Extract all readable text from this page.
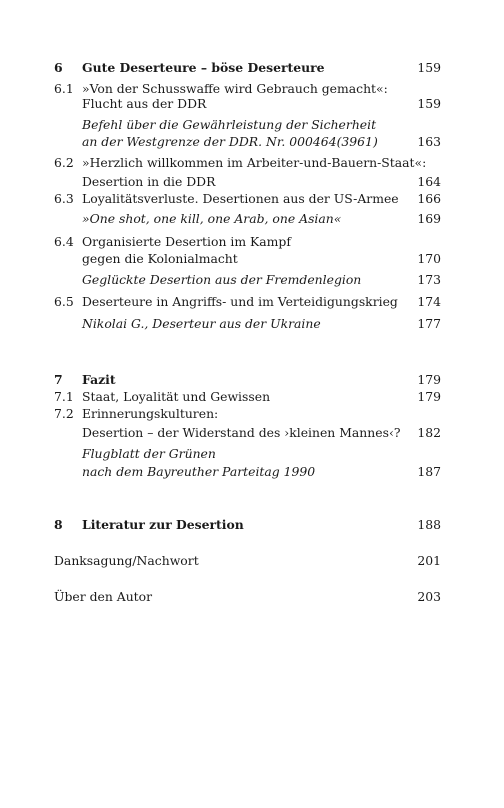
6 Gute Deserteure – böse Deserteure	159
6.1 »Von der Schusswaffe wird Gebrauch gemacht«:
Flucht aus der DDR	159
Befehl über die Gewährleistung der Sicherheit
an der Westgrenze der DDR. Nr. 000464(3961)	163
6.2 »Herzlich willkommen im Arbeiter-und-Bauern-Staat«:
Desertion in die DDR	164
6.3 Loyalitätsverluste. Desertionen aus der US-Armee 166
»One shot, one kill, one Arab, one Asian«	169
6.4 Organisierte Desertion im Kampf
gegen die Kolonialmacht	170
Geglückte Desertion aus der Fremdenlegion	173
6.5 Deserteure in Angriffs- und im Verteidigungskrieg 174
Nikolai G., Deserteur aus der Ukraine	177
7 Fazit	179
7.1 Staat, Loyalität und Gewissen	179
7.2 Erinnerungskulturen:
Desertion – der Widerstand des ›kleinen Mannes‹? 182
Flugblatt der Grünen
nach dem Bayreuther Parteitag 1990	187
8 Literatur zur Desertion	188
Danksagung/Nachwort	201
Über den Autor	203
